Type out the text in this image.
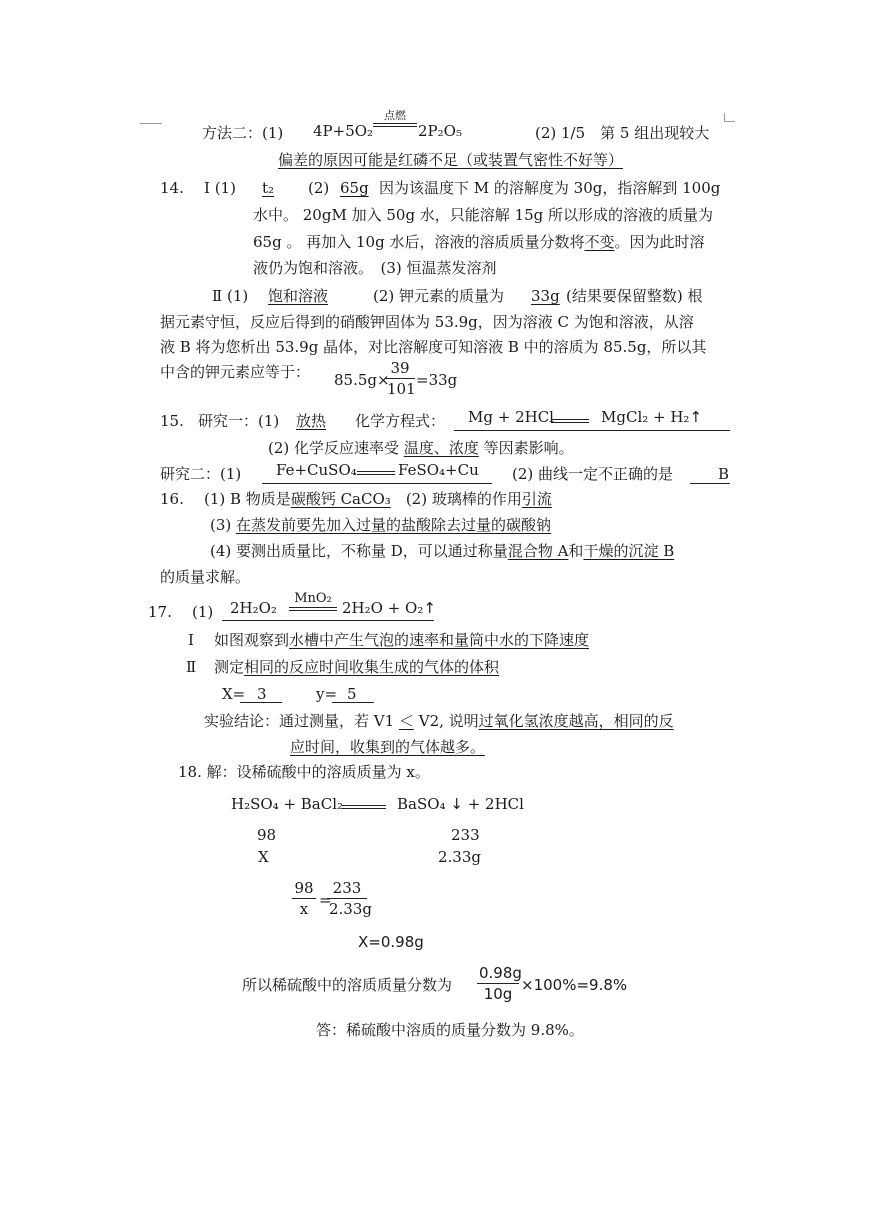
方法二：(1) 4P+5O₂
点燃
2P₂O₅	(2) 1/5　第 5 组出现较大
偏差的原因可能是红磷不足（或装置气密性不好等）
14. Ⅰ (1) t₂ (2) 65g 因为该温度下 M 的溶解度为 30g，指溶解到 100g
水中。 20gM 加入 50g 水，只能溶解 15g 所以形成的溶液的质量为
65g 。 再加入 10g 水后，溶液的溶质质量分数将不变。因为此时溶
液仍为饱和溶液。　(3) 恒温蒸发溶剂
Ⅱ (1) 饱和溶液	(2) 钾元素的质量为 33g (结果要保留整数) 根
据元素守恒，反应后得到的硝酸钾固体为 53.9g，因为溶液 C 为饱和溶液，从溶
液 B 将为您析出 53.9g 晶体，对比溶解度可知溶液 B 中的溶质为 85.5g，所以其
中含的钾元素应等于： 85.5g×
$\frac{39}{101} =33g$
15. 研究一：(1) 放热 化学方程式： Mg + 2HCl	MgCl₂ + H₂↑
(2) 化学反应速率受 温度、浓度 等因素影响。
研究二：(1) Fe+CuSO₄	FeSO₄+Cu (2) 曲线一定不正确的是	B
16. (1) B 物质是碳酸钙 CaCO₃　 (2) 玻璃棒的作用引流
(3) 在蒸发前要先加入过量的盐酸除去过量的碳酸钠
(4) 要测出质量比，不称量 D，可以通过称量混合物 A和干燥的沉淀 B
的质量求解。
17. (1) 2H₂O₂
MnO₂
2H₂O + O₂↑
Ⅰ 如图观察到水槽中产生气泡的速率和量筒中水的下降速度
Ⅱ 测定相同的反应时间收集生成的气体的体积
X= 3	y= 5
实验结论：通过测量，若 V1 ＜ V2, 说明过氧化氢浓度越高，相同的反
应时间，收集到的气体越多。
18. 解：设稀硫酸中的溶质质量为 x。
H₂SO₄ + BaCl₂	BaSO₄ ↓ + 2HCl
98	233
X	2.33g
$\frac{98}{x}$ =
$\frac{233}{2.33g}$
X=0.98g
所以稀硫酸中的溶质质量分数为 $\frac{0.98g}{10g} \times 100\%=9.8\%$
答：稀硫酸中溶质的质量分数为 9.8%。
